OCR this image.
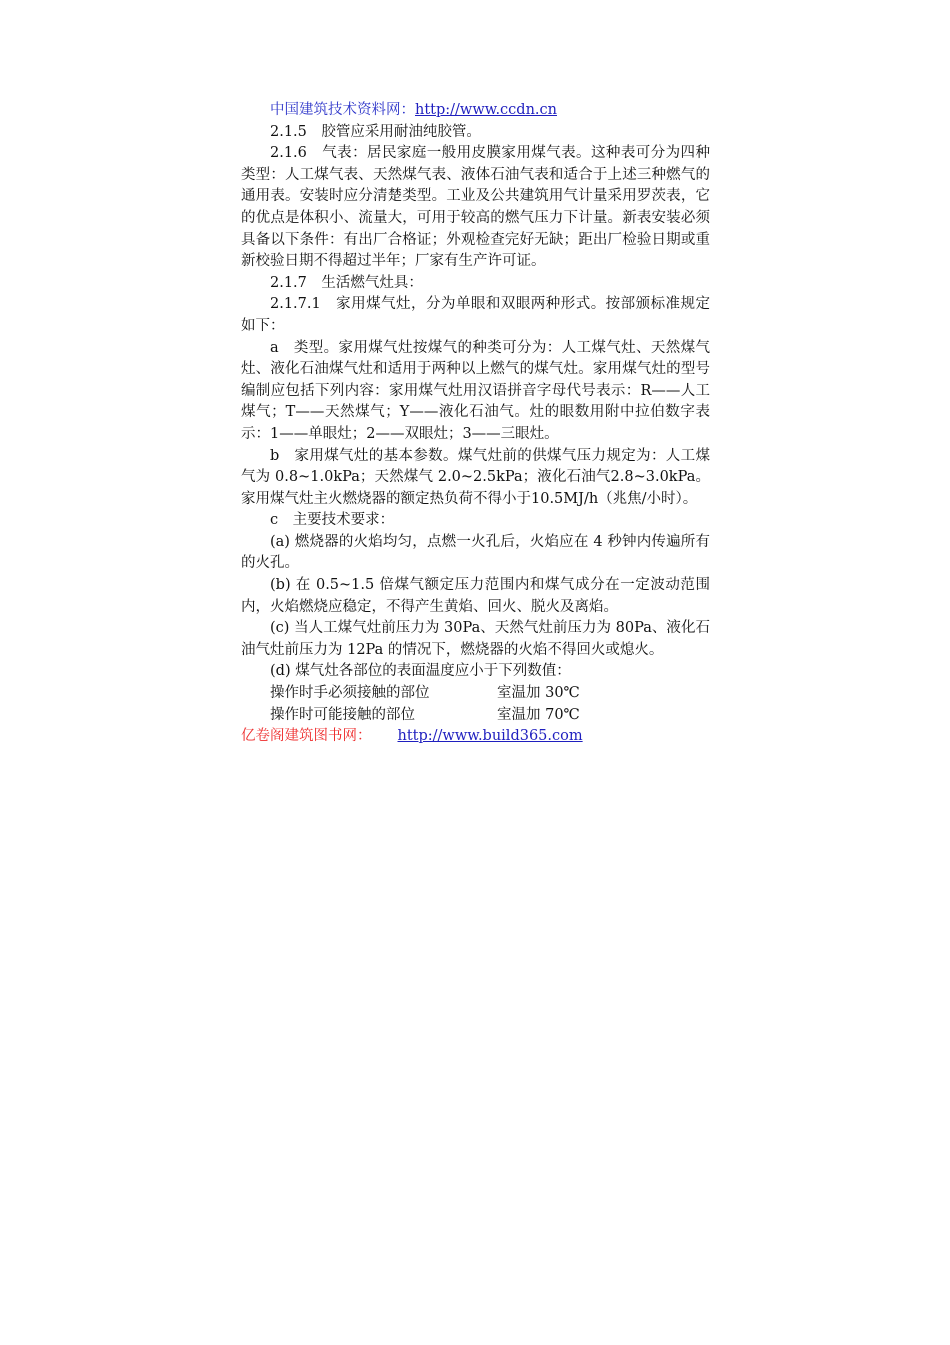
中国建筑技术资料网：http://www.ccdn.cn

2.1.5　胶管应采用耐油纯胶管。

2.1.6　气表：居民家庭一般用皮膜家用煤气表。这种表可分为四种类型：人工煤气表、天然煤气表、液体石油气表和适合于上述三种燃气的通用表。安装时应分清楚类型。工业及公共建筑用气计量采用罗茨表，它的优点是体积小、流量大，可用于较高的燃气压力下计量。新表安装必须具备以下条件：有出厂合格证；外观检查完好无缺；距出厂检验日期或重新校验日期不得超过半年；厂家有生产许可证。

2.1.7　生活燃气灶具：

2.1.7.1　家用煤气灶，分为单眼和双眼两种形式。按部颁标准规定如下：

a　类型。家用煤气灶按煤气的种类可分为：人工煤气灶、天然煤气灶、液化石油煤气灶和适用于两种以上燃气的煤气灶。家用煤气灶的型号编制应包括下列内容：家用煤气灶用汉语拼音字母代号表示：R——人工煤气；T——天然煤气；Y——液化石油气。灶的眼数用附中拉伯数字表示：1——单眼灶；2——双眼灶；3——三眼灶。

b　家用煤气灶的基本参数。煤气灶前的供煤气压力规定为：人工煤气为 0.8~1.0kPa；天然煤气 2.0~2.5kPa；液化石油气2.8~3.0kPa。家用煤气灶主火燃烧器的额定热负荷不得小于10.5MJ/h（兆焦/小时）。

c　主要技术要求：

(a) 燃烧器的火焰均匀，点燃一火孔后，火焰应在 4 秒钟内传遍所有的火孔。

(b) 在 0.5~1.5 倍煤气额定压力范围内和煤气成分在一定波动范围内，火焰燃烧应稳定，不得产生黄焰、回火、脱火及离焰。

(c) 当人工煤气灶前压力为 30Pa、天然气灶前压力为 80Pa、液化石油气灶前压力为 12Pa 的情况下，燃烧器的火焰不得回火或熄火。

(d) 煤气灶各部位的表面温度应小于下列数值：

操作时手必须接触的部位	室温加 30℃
操作时可能接触的部位	室温加 70℃

亿卷阁建筑图书网： http://www.build365.com
